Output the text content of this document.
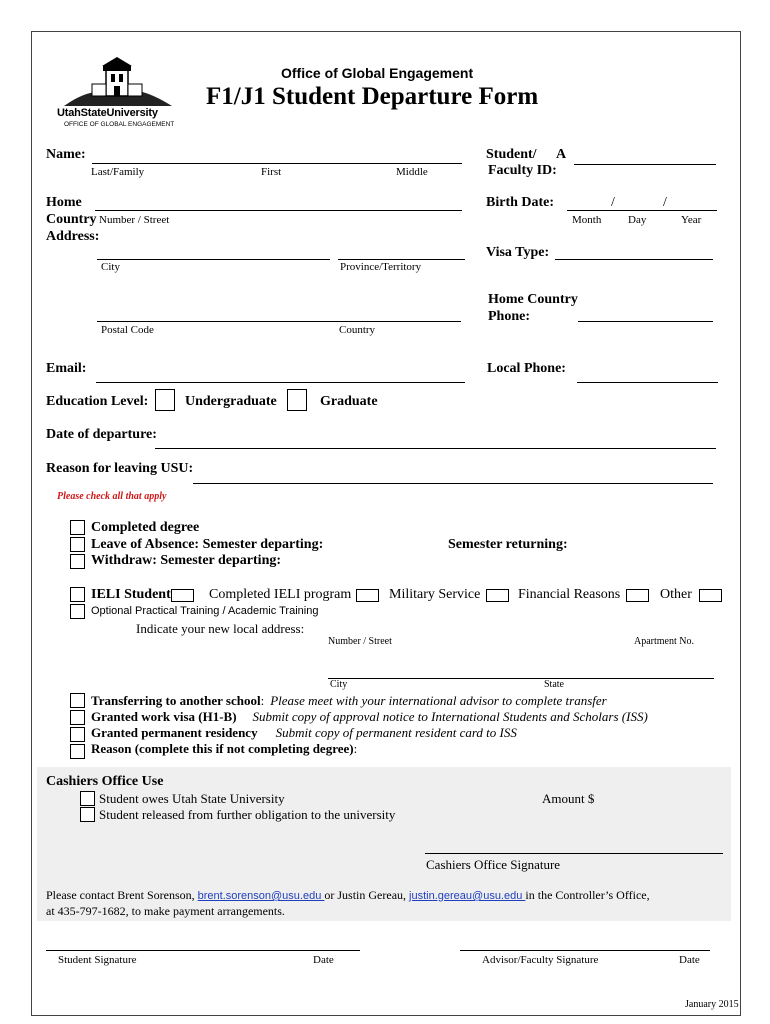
UtahStateUniversity
OFFICE OF GLOBAL ENGAGEMENT
Office of Global Engagement
F1/J1 Student Departure Form
Name:
Last/Family	First	Middle
Student/
Faculty ID:
A
Home
Country
Address:
Number / Street
City	Province/Territory
Postal Code	Country
Birth Date:	/	/
Month Day	Year
Visa Type:
Home Country
Phone:
Email:	Local Phone:
Education Level:	Undergraduate	Graduate
Date of departure:
Reason for leaving USU:
Please check all that apply
Completed degree
Leave of Absence: Semester departing:	Semester returning:
Withdraw: Semester departing:
IELI Student	Completed IELI program	Military Service	Financial Reasons	Other
Optional Practical Training / Academic Training
Indicate your new local address:
Number / Street	Apartment No.
City	State
Transferring to another school: Please meet with your international advisor to complete transfer
Granted work visa (H1-B) Submit copy of approval notice to International Students and Scholars (ISS)
Granted permanent residency Submit copy of permanent resident card to ISS
Reason (complete this if not completing degree):
Cashiers Office Use
Student owes Utah State University
Student released from further obligation to the university
Amount $
Cashiers Office Signature
Please contact Brent Sorenson, brent.sorenson@usu.edu or Justin Gereau, justin.gereau@usu.edu in the Controller’s Office,
at 435-797-1682, to make payment arrangements.
Student Signature	Date	Advisor/Faculty Signature	Date
January 2015
